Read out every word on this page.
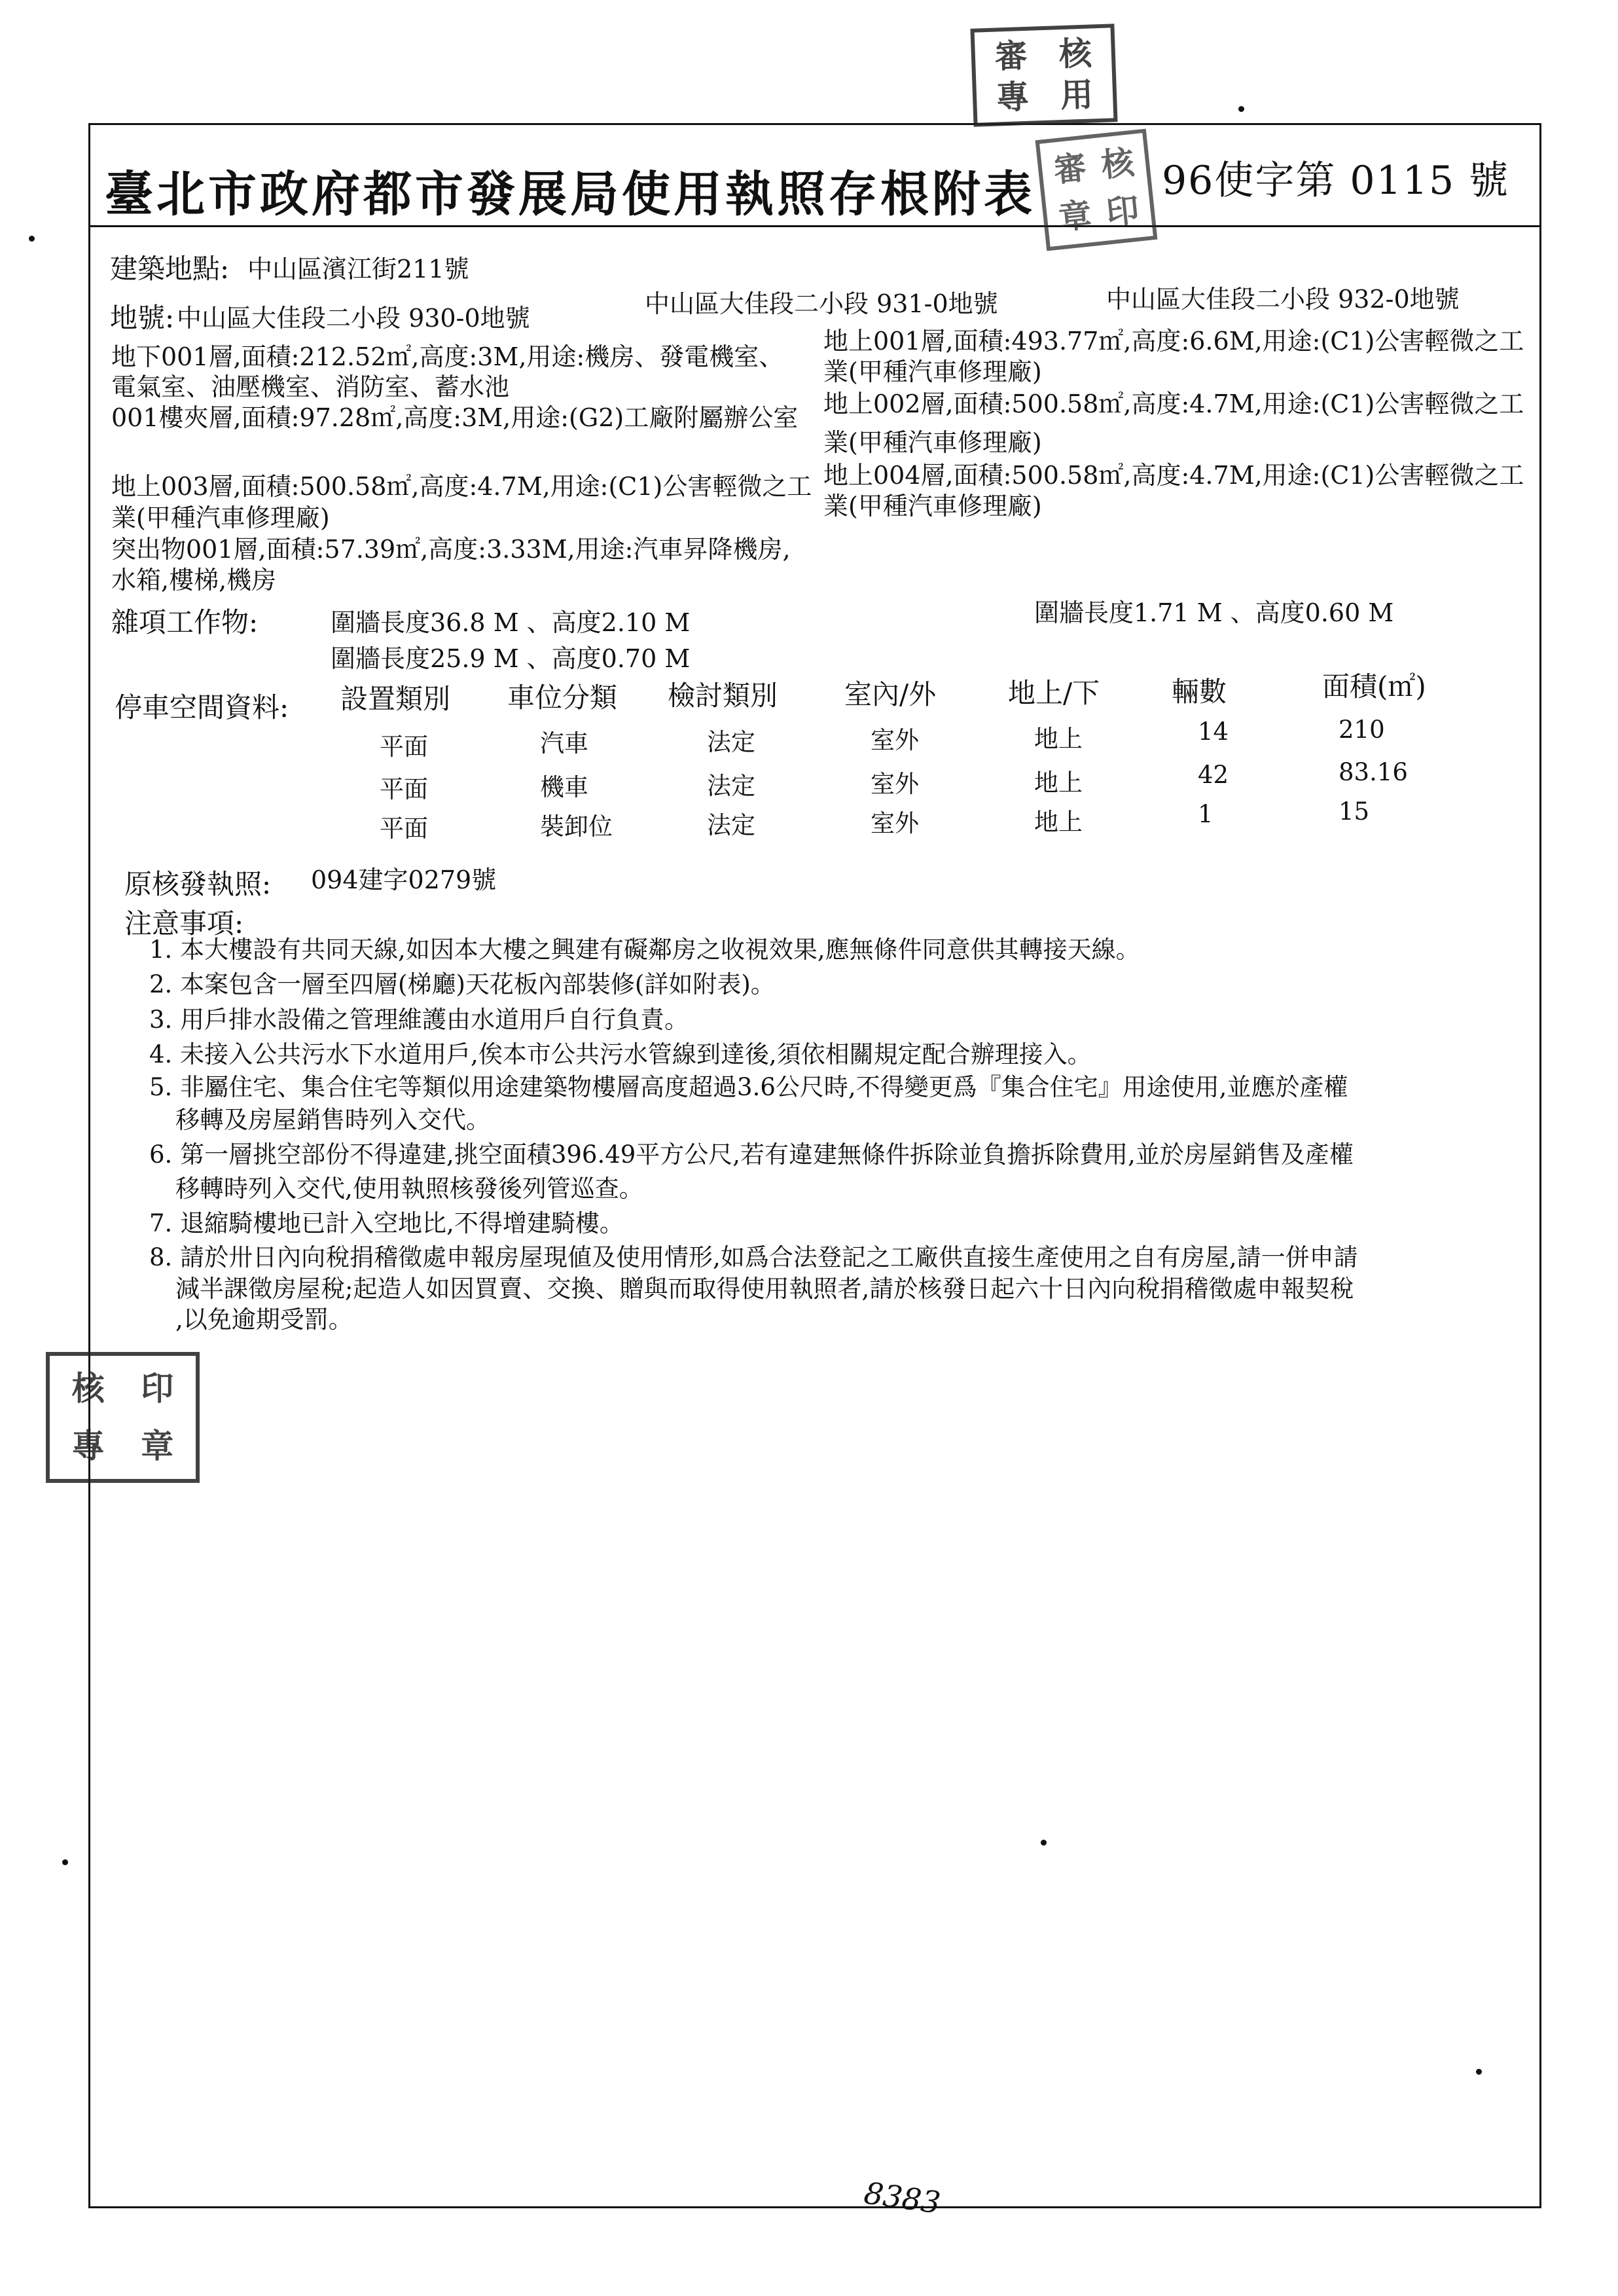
審 核
專 用
審 核
章 印
核	印
專	章
臺北市政府都市發展局使用執照存根附表	96使字第 0115 號
建築地點: 中山區濱江街211號
地號: 中山區大佳段二小段 930-0地號	中山區大佳段二小段 931-0地號	中山區大佳段二小段 932-0地號
地下001層,面積:212.52㎡,高度:3M,用途:機房、發電機室、
電氣室、油壓機室、消防室、蓄水池
001樓夾層,面積:97.28㎡,高度:3M,用途:(G2)工廠附屬辦公室
地上003層,面積:500.58㎡,高度:4.7M,用途:(C1)公害輕微之工
業(甲種汽車修理廠)
突出物001層,面積:57.39㎡,高度:3.33M,用途:汽車昇降機房,
水箱,樓梯,機房
地上001層,面積:493.77㎡,高度:6.6M,用途:(C1)公害輕微之工
業(甲種汽車修理廠)
地上002層,面積:500.58㎡,高度:4.7M,用途:(C1)公害輕微之工
業(甲種汽車修理廠)
地上004層,面積:500.58㎡,高度:4.7M,用途:(C1)公害輕微之工
業(甲種汽車修理廠)
雜項工作物:	圍牆長度36.8 M 、高度2.10 M
圍牆長度25.9 M 、高度0.70 M
圍牆長度1.71 M 、高度0.60 M
停車空間資料: 設置類別 車位分類 檢討類別 室內/外	地上/下	輛數	面積(㎡)
平面	汽車	法定	室外	地上	14	210
平面	機車	法定	室外	地上	42	83.16
平面	裝卸位	法定	室外	地上	1	15
原核發執照: 094建字0279號
注意事項:
1. 本大樓設有共同天線,如因本大樓之興建有礙鄰房之收視效果,應無條件同意供其轉接天線。
2. 本案包含一層至四層(梯廳)天花板內部裝修(詳如附表)。
3. 用戶排水設備之管理維護由水道用戶自行負責。
4. 未接入公共污水下水道用戶,俟本市公共污水管線到達後,須依相關規定配合辦理接入。
5. 非屬住宅、集合住宅等類似用途建築物樓層高度超過3.6公尺時,不得變更爲『集合住宅』用途使用,並應於產權
移轉及房屋銷售時列入交代。
6. 第一層挑空部份不得違建,挑空面積396.49平方公尺,若有違建無條件拆除並負擔拆除費用,並於房屋銷售及產權
移轉時列入交代,使用執照核發後列管巡查。
7. 退縮騎樓地已計入空地比,不得增建騎樓。
8. 請於卅日內向稅捐稽徵處申報房屋現値及使用情形,如爲合法登記之工廠供直接生產使用之自有房屋,請一併申請
減半課徵房屋稅;起造人如因買賣、交換、贈與而取得使用執照者,請於核發日起六十日內向稅捐稽徵處申報契稅
,以免逾期受罰。
8383
